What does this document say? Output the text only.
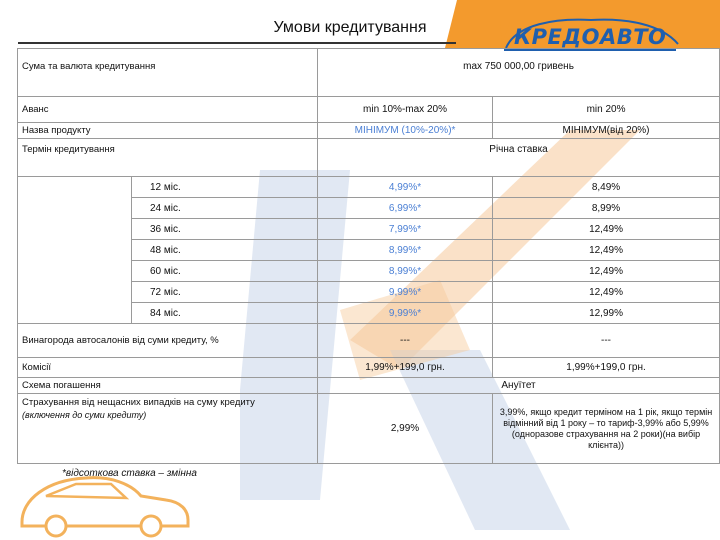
Умови кредитування	КРЕДОАВТО
Сума та валюта кредитування		max 750 000,00 гривень	
Аванс		min 10%-max 20%	min 20%
Назва продукту		МІНІМУМ (10%-20%)*	МІНІМУМ(від 20%)
Термін кредитування		Річна ставка	
	12 міс.	4,99%*	8,49%
	24 міс.	6,99%*	8,99%
	36 міс.	7,99%*	12,49%
	48 міс.	8,99%*	12,49%
	60 міс.	8,99%*	12,49%
	72 міс.	9,99%*	12,49%
	84 міс.	9,99%*	12,99%
Винагорода автосалонів від суми кредиту, %		---	---
Комісії		1,99%+199,0 грн.	1,99%+199,0 грн.
Схема погашення		Ануїтет	
Страхування від нещасних випадків на суму кредиту
(включення до суми кредиту)		2,99%	3,99%, якщо кредит терміном на 1 рік, якщо термін відмінний від 1 року – то тариф-3,99% або 5,99%(одноразове страхування на 2 роки)(на вибір клієнта))
*відсоткова ставка – змінна
